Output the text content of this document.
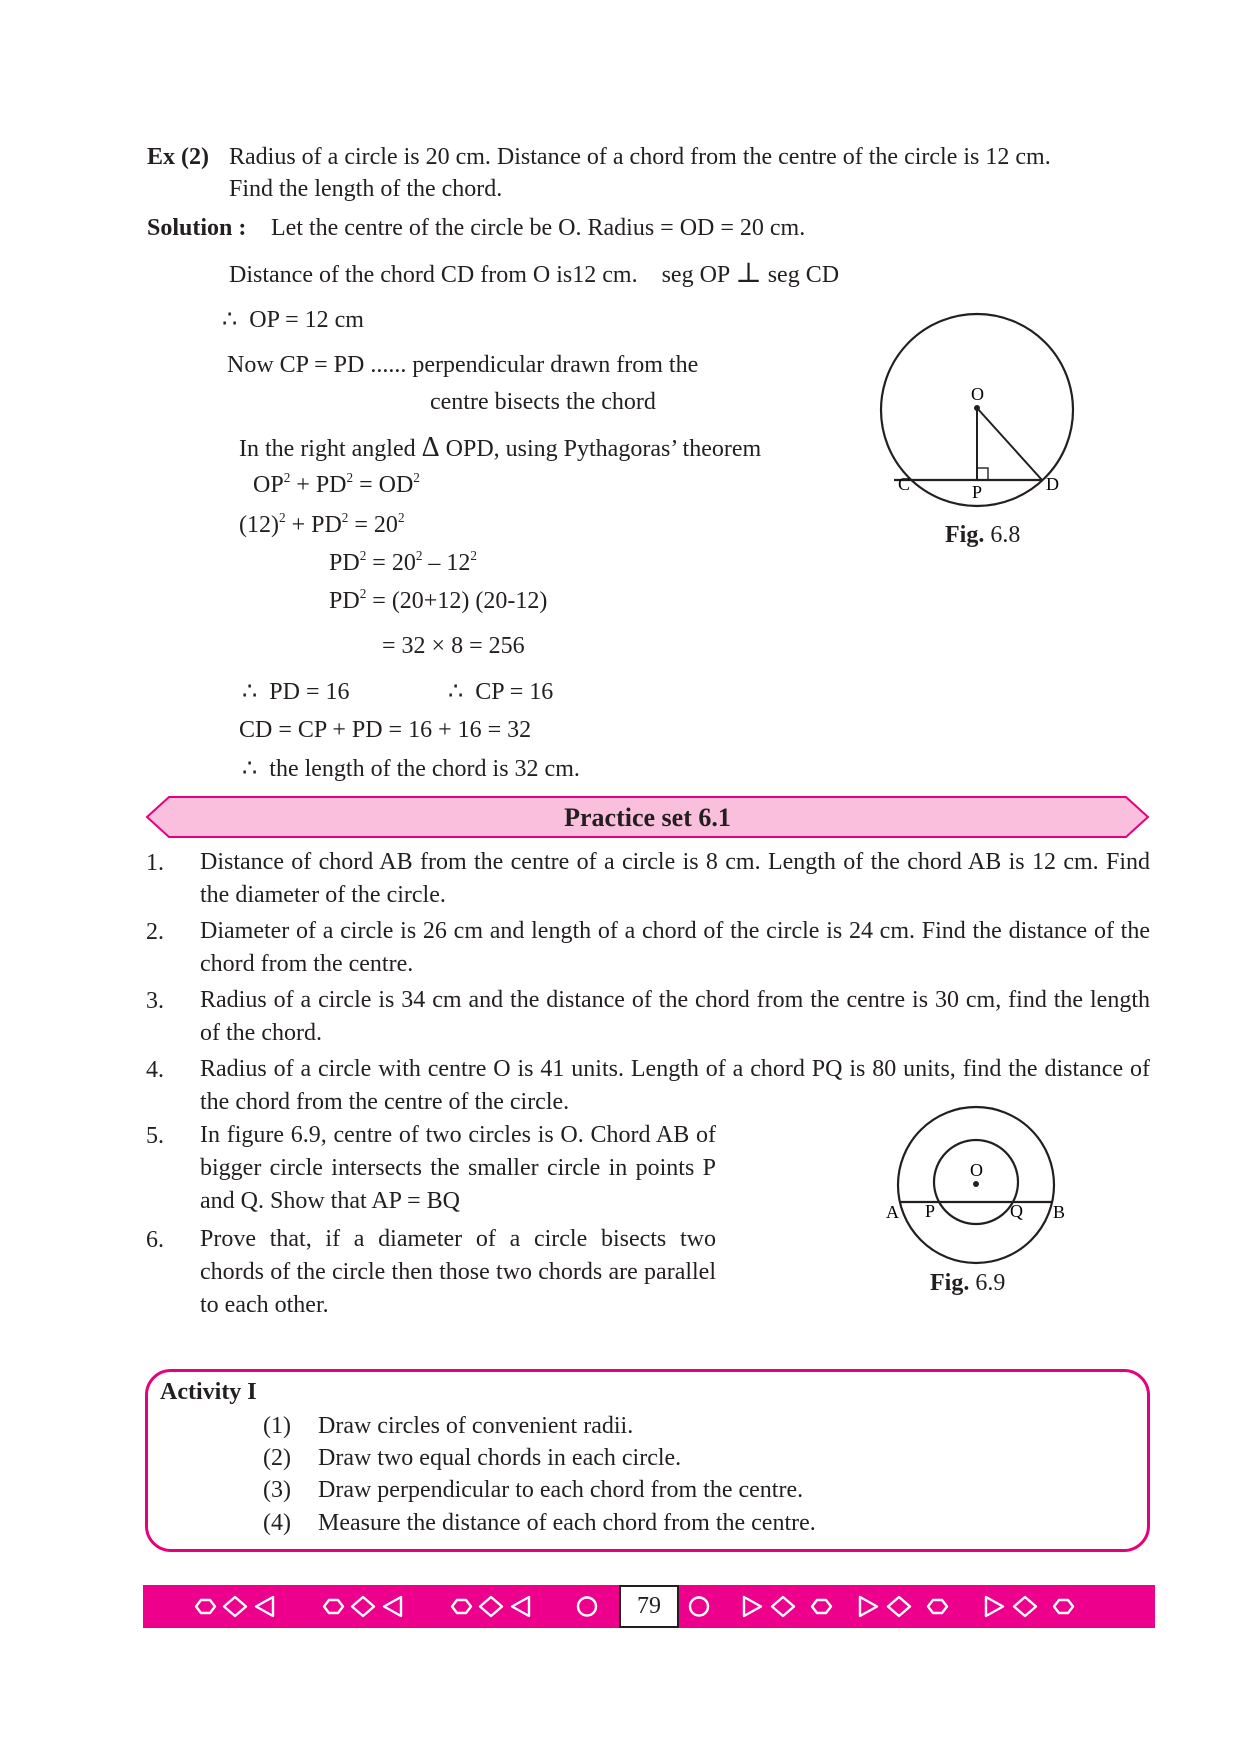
Ex (2) Radius of a circle is 20 cm. Distance of a chord from the centre of the circle is 12 cm.
Find the length of the chord.
Solution : Let the centre of the circle be O. Radius = OD = 20 cm.
Distance of the chord CD from O is12 cm. seg OP ⊥ seg CD
∴ OP = 12 cm
Now CP = PD ...... perpendicular drawn from the
centre bisects the chord
In the right angled Δ OPD, using Pythagoras’ theorem
$OP^2 + PD^2 = OD^2$
$(12)^2 + PD^2 = 20^2$
$PD^2 = 20^2 - 12^2$
$PD^2 = (20+12)$ (20-12)
= 32 × 8 = 256
∴ PD = 16	∴ CP = 16
CD = CP + PD = 16 + 16 = 32
∴ the length of the chord is 32 cm.
O
C	P	D
Fig. 6.8
Practice set 6.1
1. Distance of chord AB from the centre of a circle is 8 cm. Length of the chord AB is 12 cm. Find the diameter of the circle.
2. Diameter of a circle is 26 cm and length of a chord of the circle is 24 cm. Find the distance of the chord from the centre.
3. Radius of a circle is 34 cm and the distance of the chord from the centre is 30 cm, find the length of the chord.
4. Radius of a circle with centre O is 41 units. Length of a chord PQ is 80 units, find the distance of the chord from the centre of the circle.
5. In figure 6.9, centre of two circles is O. Chord AB of bigger circle intersects the smaller circle in points P and Q. Show that AP = BQ
6. Prove that, if a diameter of a circle bisects two chords of the circle then those two chords are parallel to each other.
O
A P	Q B
Fig. 6.9
Activity I
(1) Draw circles of convenient radii.
(2) Draw two equal chords in each circle.
(3) Draw perpendicular to each chord from the centre.
(4) Measure the distance of each chord from the centre.
79
